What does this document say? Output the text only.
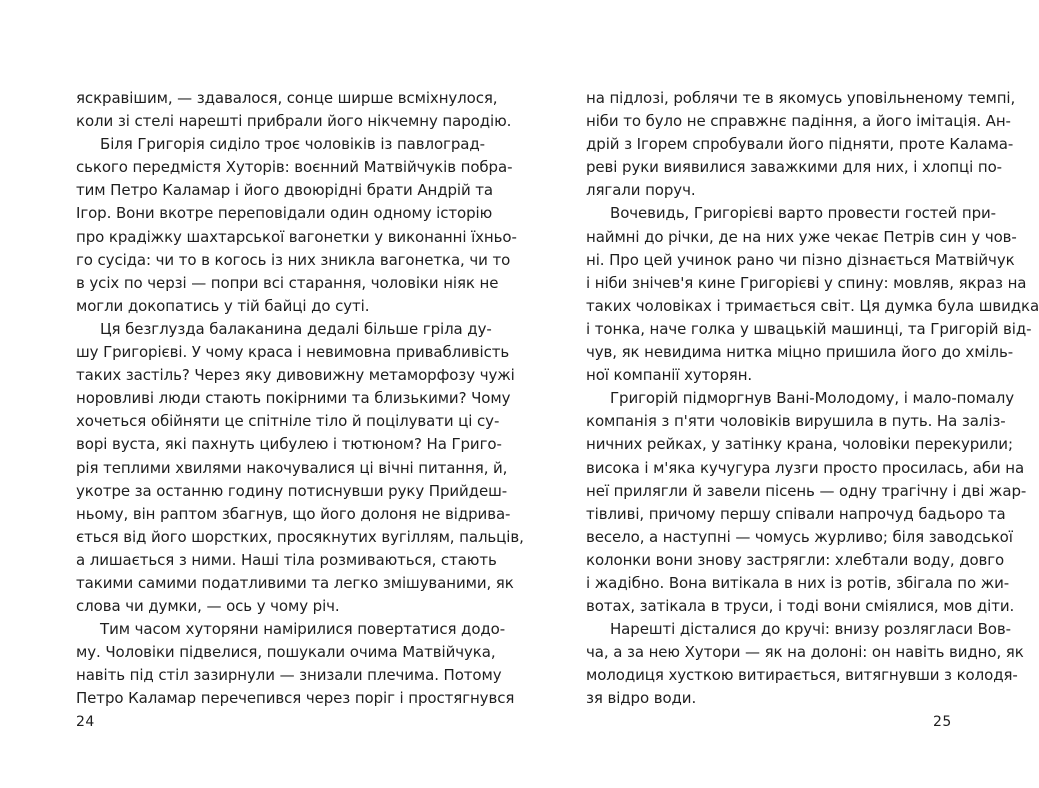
яскравішим, — здавалося, сонце ширше всміхнулося,
коли зі стелі нарешті прибрали його нікчемну пародію.
Біля Григорія сиділо троє чоловіків із павлоград-
ського передмістя Хуторів: воєнний Матвійчуків побра-
тим Петро Каламар і його двоюрідні брати Андрій та
Ігор. Вони вкотре переповідали один одному історію
про крадіжку шахтарської вагонетки у виконанні їхньо-
го сусіда: чи то в когось із них зникла вагонетка, чи то
в усіх по черзі — попри всі старання, чоловіки ніяк не
могли докопатись у тій байці до суті.
Ця безглузда балаканина дедалі більше гріла ду-
шу Григорієві. У чому краса і невимовна привабливість
таких застіль? Через яку дивовижну метаморфозу чужі
норовливі люди стають покірними та близькими? Чому
хочеться обійняти це спітніле тіло й поцілувати ці су-
ворі вуста, які пахнуть цибулею і тютюном? На Григо-
рія теплими хвилями накочувалися ці вічні питання, й,
укотре за останню годину потиснувши руку Прийдеш-
ньому, він раптом збагнув, що його долоня не відрива-
ється від його шорстких, просякнутих вугіллям, пальців,
а лишається з ними. Наші тіла розмиваються, стають
такими самими податливими та легко змішуваними, як
слова чи думки, — ось у чому річ.
Тим часом хуторяни намірилися повертатися додо-
му. Чоловіки підвелися, пошукали очима Матвійчука,
навіть під стіл зазирнули — знизали плечима. Потому
Петро Каламар перечепився через поріг і простягнувся
24
на підлозі, роблячи те в якомусь уповільненому темпі,
ніби то було не справжнє падіння, а його імітація. Ан-
дрій з Ігорем спробували його підняти, проте Калама-
реві руки виявилися заважкими для них, і хлопці по-
лягали поруч.
Вочевидь, Григорієві варто провести гостей при-
наймні до річки, де на них уже чекає Петрів син у чов-
ні. Про цей учинок рано чи пізно дізнається Матвійчук
і ніби знічев'я кине Григорієві у спину: мовляв, якраз на
таких чоловіках і тримається світ. Ця думка була швидка
і тонка, наче голка у швацькій машинці, та Григорій від-
чув, як невидима нитка міцно пришила його до хміль-
ної компанії хуторян.
Григорій підморгнув Вані-Молодому, і мало-помалу
компанія з п'яти чоловіків вирушила в путь. На заліз-
ничних рейках, у затінку крана, чоловіки перекурили;
висока і м'яка кучугура лузги просто просилась, аби на
неї прилягли й завели пісень — одну трагічну і дві жар-
тівливі, причому першу співали напрочуд бадьоро та
весело, а наступні — чомусь журливо; біля заводської
колонки вони знову застрягли: хлебтали воду, довго
і жадібно. Вона витікала в них із ротів, збігала по жи-
вотах, затікала в труси, і тоді вони сміялися, мов діти.
Нарешті дісталися до кручі: внизу розлягласи Вов-
ча, а за нею Хутори — як на долоні: он навіть видно, як
молодиця хусткою витирається, витягнувши з колодя-
зя відро води.
25
